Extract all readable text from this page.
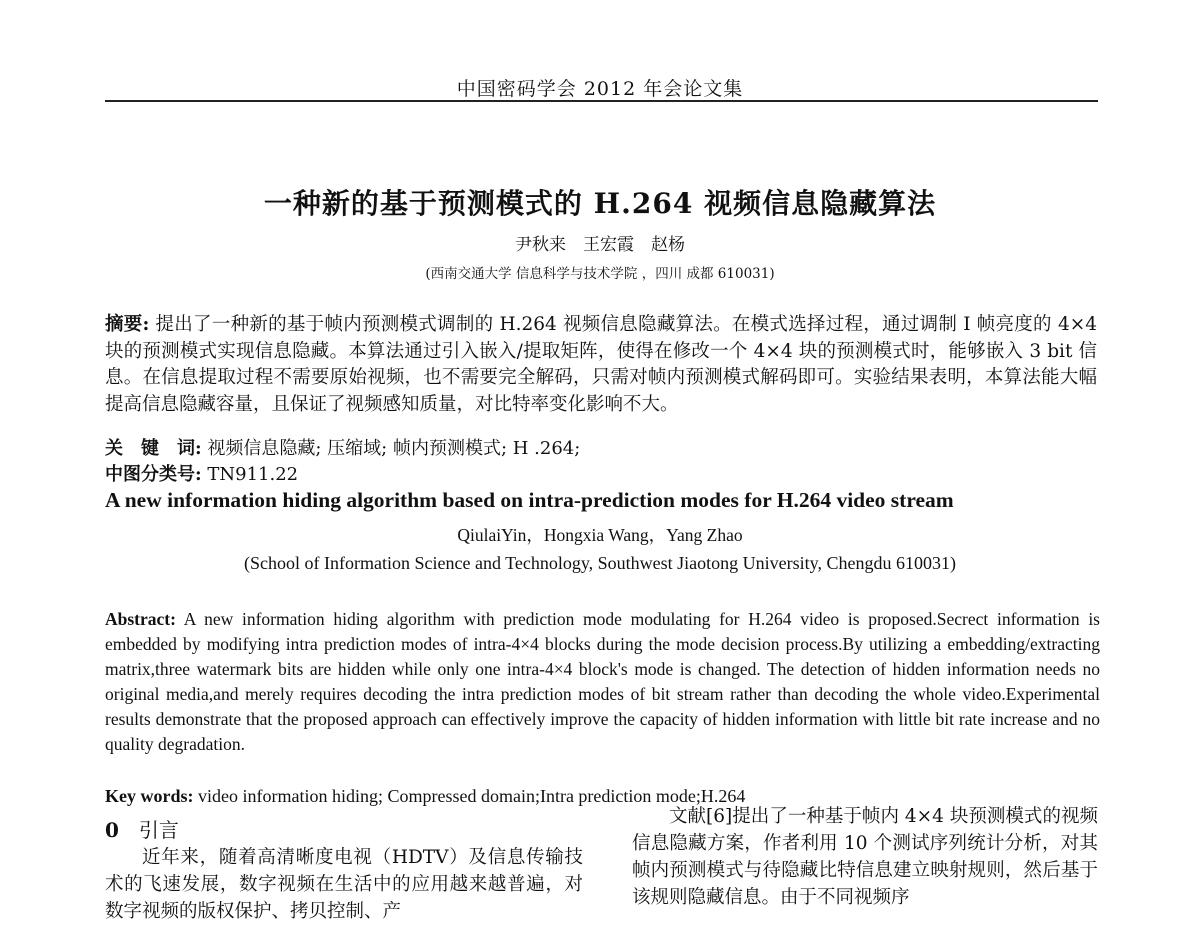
中国密码学会 2012 年会论文集
一种新的基于预测模式的 H.264 视频信息隐藏算法
尹秋来　王宏霞　赵杨
(西南交通大学 信息科学与技术学院 ，四川 成都 610031)
摘要: 提出了一种新的基于帧内预测模式调制的 H.264 视频信息隐藏算法。在模式选择过程，通过调制 I 帧亮度的 4×4 块的预测模式实现信息隐藏。本算法通过引入嵌入/提取矩阵，使得在修改一个 4×4 块的预测模式时，能够嵌入 3 bit 信息。在信息提取过程不需要原始视频，也不需要完全解码，只需对帧内预测模式解码即可。实验结果表明，本算法能大幅提高信息隐藏容量，且保证了视频感知质量，对比特率变化影响不大。
关　键　词: 视频信息隐藏; 压缩域; 帧内预测模式; H .264;
中图分类号: TN911.22
A new information hiding algorithm based on intra-prediction modes for H.264 video stream
QiulaiYin，Hongxia Wang，Yang Zhao
(School of Information Science and Technology, Southwest Jiaotong University, Chengdu 610031)
Abstract: A new information hiding algorithm with prediction mode modulating for H.264 video is proposed.Secrect information is embedded by modifying intra prediction modes of intra-4×4 blocks during the mode decision process.By utilizing a embedding/extracting matrix,three watermark bits are hidden while only one intra-4×4 block's mode is changed. The detection of hidden information needs no original media,and merely requires decoding the intra prediction modes of bit stream rather than decoding the whole video.Experimental results demonstrate that the proposed approach can effectively improve the capacity of hidden information with little bit rate increase and no quality degradation.
Key words: video information hiding; Compressed domain;Intra prediction mode;H.264
0 引言

近年来，随着高清晰度电视（HDTV）及信息传输技术的飞速发展，数字视频在生活中的应用越来越普遍，对数字视频的版权保护、拷贝控制、产

文献[6]提出了一种基于帧内 4×4 块预测模式的视频信息隐藏方案，作者利用 10 个测试序列统计分析，对其帧内预测模式与待隐藏比特信息建立映射规则，然后基于该规则隐藏信息。由于不同视频序
